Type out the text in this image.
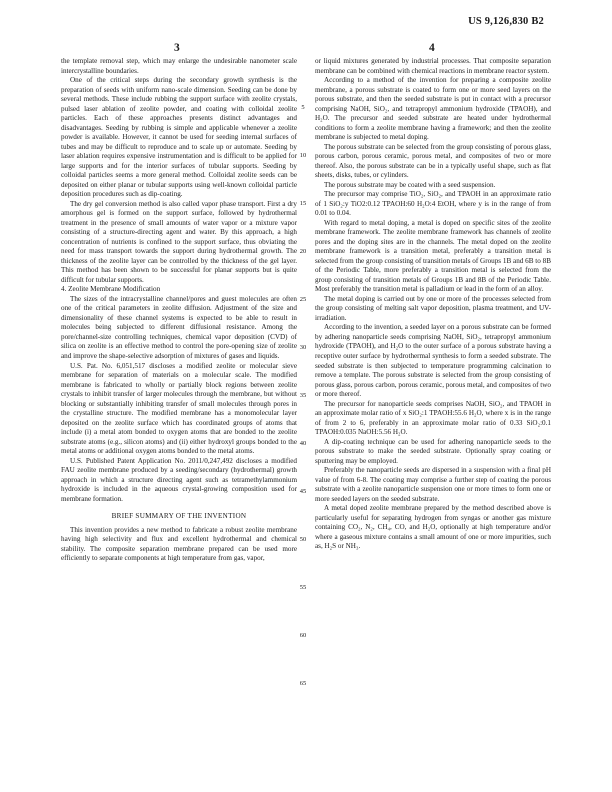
US 9,126,830 B2
3	4

the template removal step, which may enlarge the undesirable nanometer scale intercrystalline boundaries.

One of the critical steps during the secondary growth synthesis is the preparation of seeds with uniform nano-scale dimension. Seeding can be done by several methods. These include rubbing the support surface with zeolite crystals, pulsed laser ablation of zeolite powder, and coating with colloidal zeolite particles. Each of these approaches presents distinct advantages and disadvantages. Seeding by rubbing is simple and applicable whenever a zeolite powder is available. However, it cannot be used for seeding internal surfaces of tubes and may be difficult to reproduce and to scale up or automate. Seeding by laser ablation requires expensive instrumentation and is difficult to be applied for large supports and for the interior surfaces of tubular supports. Seeding by colloidal particles seems a more general method. Colloidal zeolite seeds can be deposited on either planar or tubular supports using well-known colloidal particle deposition procedures such as dip-coating.

The dry gel conversion method is also called vapor phase transport. First a dry amorphous gel is formed on the support surface, followed by hydrothermal treatment in the presence of small amounts of water vapor or a mixture vapor consisting of a structure-directing agent and water. By this approach, a high concentration of nutrients is confined to the support surface, thus obviating the need for mass transport towards the support during hydrothermal growth. The thickness of the zeolite layer can be controlled by the thickness of the gel layer. This method has been shown to be successful for planar supports but is quite difficult for tubular supports.

4. Zeolite Membrane Modification

The sizes of the intracrystalline channel/pores and guest molecules are often one of the critical parameters in zeolite diffusion. Adjustment of the size and dimensionality of these channel systems is expected to be able to result in molecules being subjected to different diffusional resistance. Among the pore/channel-size controlling techniques, chemical vapor deposition (CVD) of silica on zeolite is an effective method to control the pore-opening size of zeolite and improve the shape-selective adsorption of mixtures of gases and liquids.

U.S. Pat. No. 6,051,517 discloses a modified zeolite or molecular sieve membrane for separation of materials on a molecular scale. The modified membrane is fabricated to wholly or partially block regions between zeolite crystals to inhibit transfer of larger molecules through the membrane, but without blocking or substantially inhibiting transfer of small molecules through pores in the crystalline structure. The modified membrane has a monomolecular layer deposited on the zeolite surface which has coordinated groups of atoms that include (i) a metal atom bonded to oxygen atoms that are bonded to the zeolite substrate atoms (e.g., silicon atoms) and (ii) either hydroxyl groups bonded to the metal atoms or additional oxygen atoms bonded to the metal atoms.

U.S. Published Patent Application No. 2011/0,247,492 discloses a modified FAU zeolite membrane produced by a seeding/secondary (hydrothermal) growth approach in which a structure directing agent such as tetramethylammonium hydroxide is included in the aqueous crystal-growing composition used for membrane formation.

BRIEF SUMMARY OF THE INVENTION

This invention provides a new method to fabricate a robust zeolite membrane having high selectivity and flux and excellent hydrothermal and chemical stability. The composite separation membrane prepared can be used more efficiently to separate components at high temperature from gas, vapor,

5
10
15
20
25
30
35
40
45
50
55
60
65

or liquid mixtures generated by industrial processes. That composite separation membrane can be combined with chemical reactions in membrane reactor system.

According to a method of the invention for preparing a composite zeolite membrane, a porous substrate is coated to form one or more seed layers on the porous substrate, and then the seeded substrate is put in contact with a precursor comprising NaOH, SiO₂, and tetrapropyl ammonium hydroxide (TPAOH), and H₂O. The precursor and seeded substrate are heated under hydrothermal conditions to form a zeolite membrane having a framework; and then the zeolite membrane is subjected to metal doping.

The porous substrate can be selected from the group consisting of porous glass, porous carbon, porous ceramic, porous metal, and composites of two or more thereof. Also, the porous substrate can be in a typically useful shape, such as flat sheets, disks, tubes, or cylinders.

The porous substrate may be coated with a seed suspension.

The precursor may comprise TiO₂, SiO₂, and TPAOH in an approximate ratio of 1 SiO₂:y TiO2:0.12 TPAOH:60 H₂O:4 EtOH, where y is in the range of from 0.01 to 0.04.

With regard to metal doping, a metal is doped on specific sites of the zeolite membrane framework. The zeolite membrane framework has channels of zeolite pores and the doping sites are in the channels. The metal doped on the zeolite membrane framework is a transition metal, preferably a transition metal is selected from the group consisting of transition metals of Groups 1B and 6B to 8B of the Periodic Table, more preferably a transition metal is selected from the group consisting of transition metals of Groups 1B and 8B of the Periodic Table. Most preferably the transition metal is palladium or lead in the form of an alloy.

The metal doping is carried out by one or more of the processes selected from the group consisting of melting salt vapor deposition, plasma treatment, and UV-irradiation.

According to the invention, a seeded layer on a porous substrate can be formed by adhering nanoparticle seeds comprising NaOH, SiO₂, tetrapropyl ammonium hydroxide (TPAOH), and H₂O to the outer surface of a porous substrate having a receptive outer surface by hydrothermal synthesis to form a seeded substrate. The seeded substrate is then subjected to temperature programming calcination to remove a template. The porous substrate is selected from the group consisting of porous glass, porous carbon, porous ceramic, porous metal, and composites of two or more thereof.

The precursor for nanoparticle seeds comprises NaOH, SiO₂, and TPAOH in an approximate molar ratio of x SiO₂:1 TPAOH:55.6 H₂O, where x is in the range of from 2 to 6, preferably in an approximate molar ratio of 0.33 SiO₂:0.1 TPAOH:0.035 NaOH:5.56 H₂O.

A dip-coating technique can be used for adhering nanoparticle seeds to the porous substrate to make the seeded substrate. Optionally spray coating or sputtering may be employed.

Preferably the nanoparticle seeds are dispersed in a suspension with a final pH value of from 6-8. The coating may comprise a further step of coating the porous substrate with a zeolite nanoparticle suspension one or more times to form one or more seeded layers on the seeded substrate.

A metal doped zeolite membrane prepared by the method described above is particularly useful for separating hydrogen from syngas or another gas mixture containing CO₂, N₂, CH₄, CO, and H₂O, optionally at high temperature and/or where a gaseous mixture contains a small amount of one or more impurities, such as, H₂S or NH₃.
